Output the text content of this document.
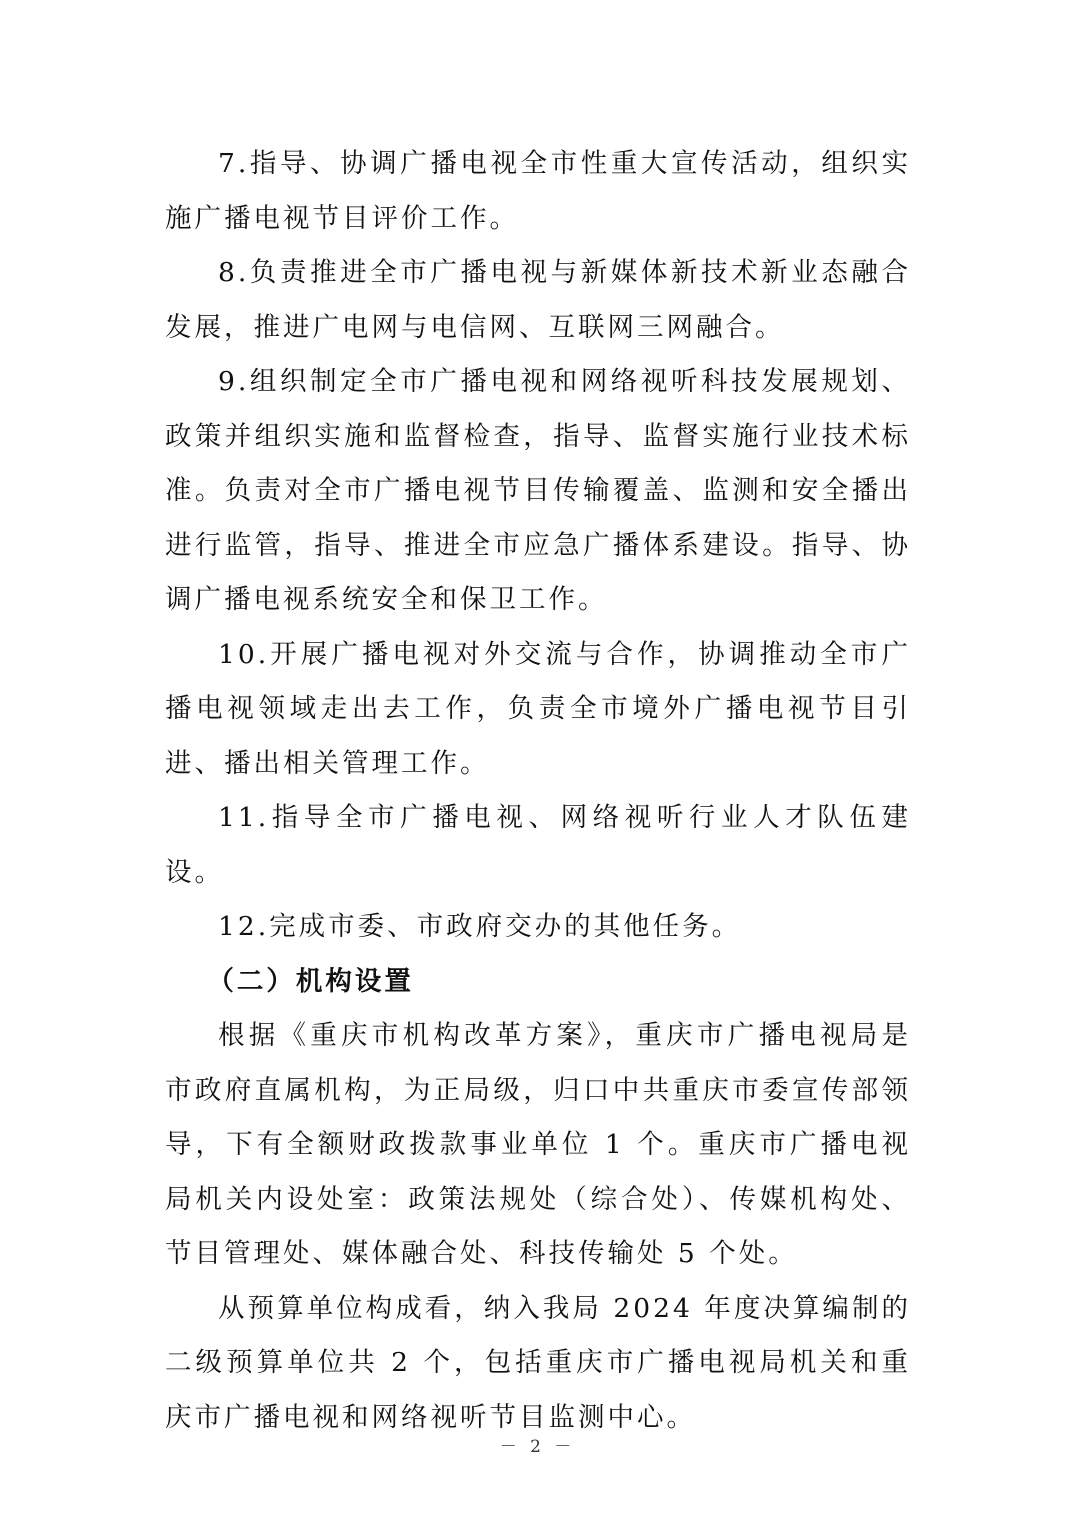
7.指导、协调广播电视全市性重大宣传活动，组织实施广播电视节目评价工作。

8.负责推进全市广播电视与新媒体新技术新业态融合发展，推进广电网与电信网、互联网三网融合。

9.组织制定全市广播电视和网络视听科技发展规划、政策并组织实施和监督检查，指导、监督实施行业技术标准。负责对全市广播电视节目传输覆盖、监测和安全播出进行监管，指导、推进全市应急广播体系建设。指导、协调广播电视系统安全和保卫工作。

10.开展广播电视对外交流与合作，协调推动全市广播电视领域走出去工作，负责全市境外广播电视节目引进、播出相关管理工作。

11.指导全市广播电视、网络视听行业人才队伍建设。

12.完成市委、市政府交办的其他任务。

（二）机构设置

根据《重庆市机构改革方案》，重庆市广播电视局是市政府直属机构，为正局级，归口中共重庆市委宣传部领导，下有全额财政拨款事业单位 1 个。重庆市广播电视局机关内设处室：政策法规处（综合处）、传媒机构处、节目管理处、媒体融合处、科技传输处 5 个处。

从预算单位构成看，纳入我局 2024 年度决算编制的二级预算单位共 2 个，包括重庆市广播电视局机关和重庆市广播电视和网络视听节目监测中心。

－ 2 －
